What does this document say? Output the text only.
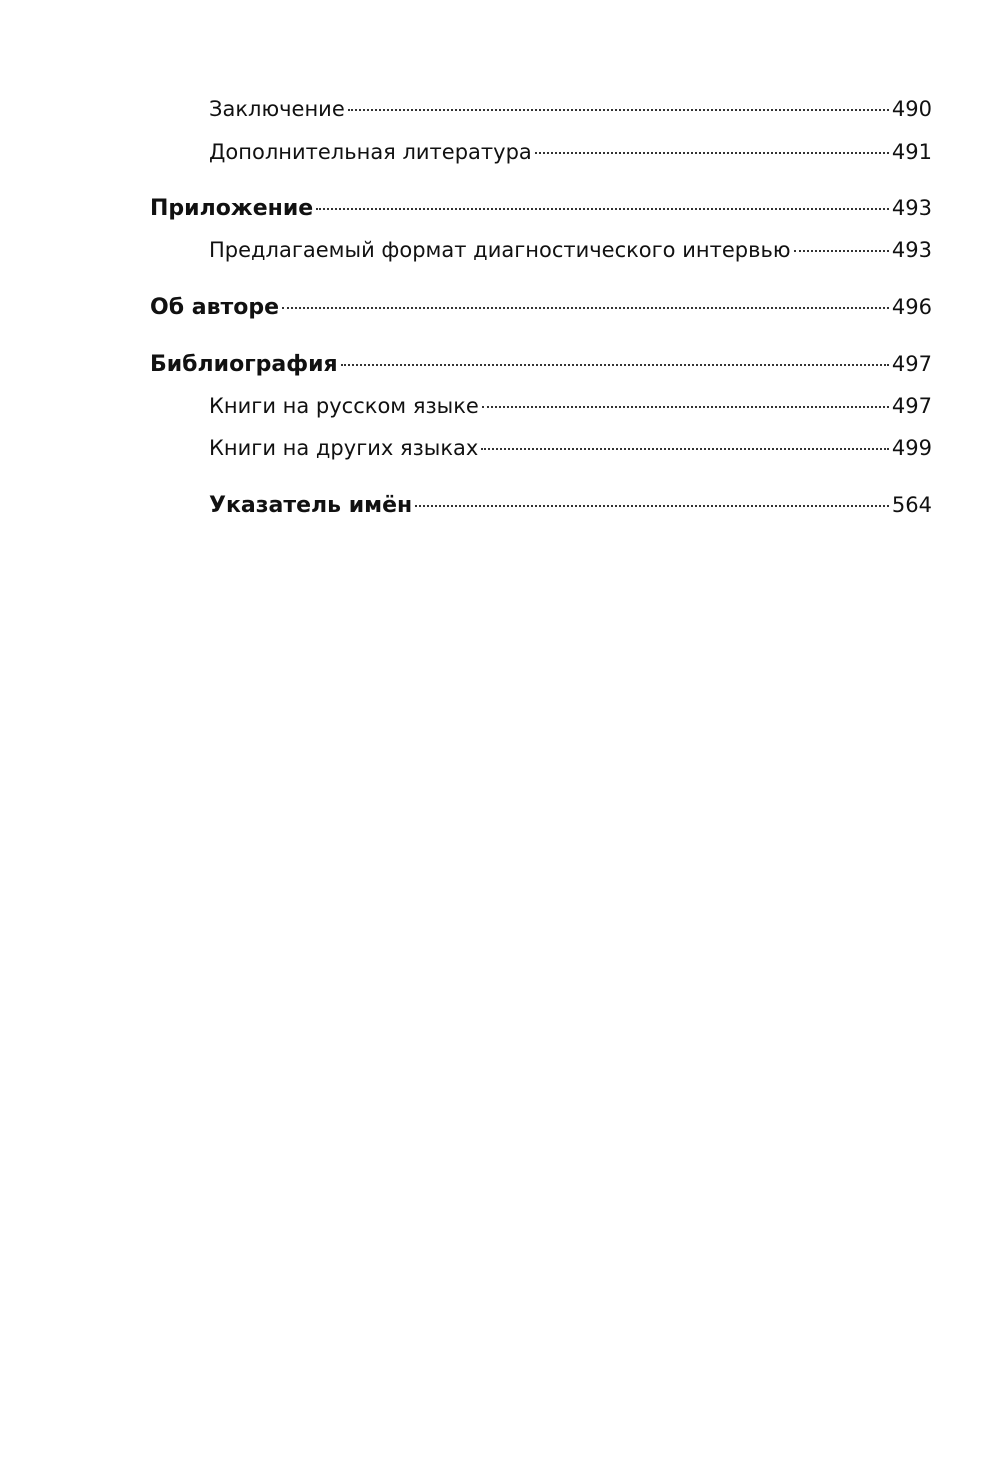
Заключение	490
Дополнительная литература	491
Приложение	493
Предлагаемый формат диагностического интервью	493
Об авторе	496
Библиография	497
Книги на русском языке	497
Книги на других языках	499
Указатель имён	564
